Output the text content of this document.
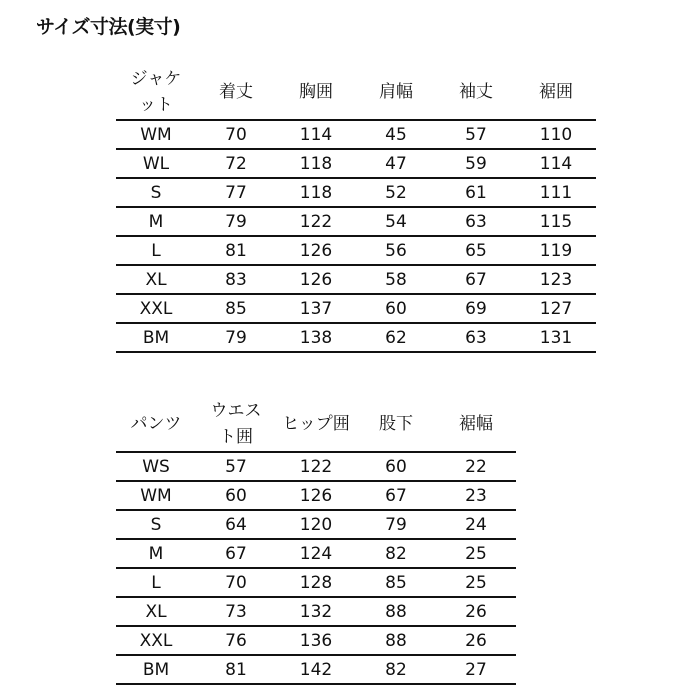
サイズ寸法(実寸)
ジャケット	着丈	胸囲	肩幅	袖丈	裾囲
WM	70	114	45	57	110
WL	72	118	47	59	114
S	77	118	52	61	111
M	79	122	54	63	115
L	81	126	56	65	119
XL	83	126	58	67	123
XXL	85	137	60	69	127
BM	79	138	62	63	131
パンツ	ウエスト囲	ヒップ囲	股下	裾幅
WS	57	122	60	22
WM	60	126	67	23
S	64	120	79	24
M	67	124	82	25
L	70	128	85	25
XL	73	132	88	26
XXL	76	136	88	26
BM	81	142	82	27
